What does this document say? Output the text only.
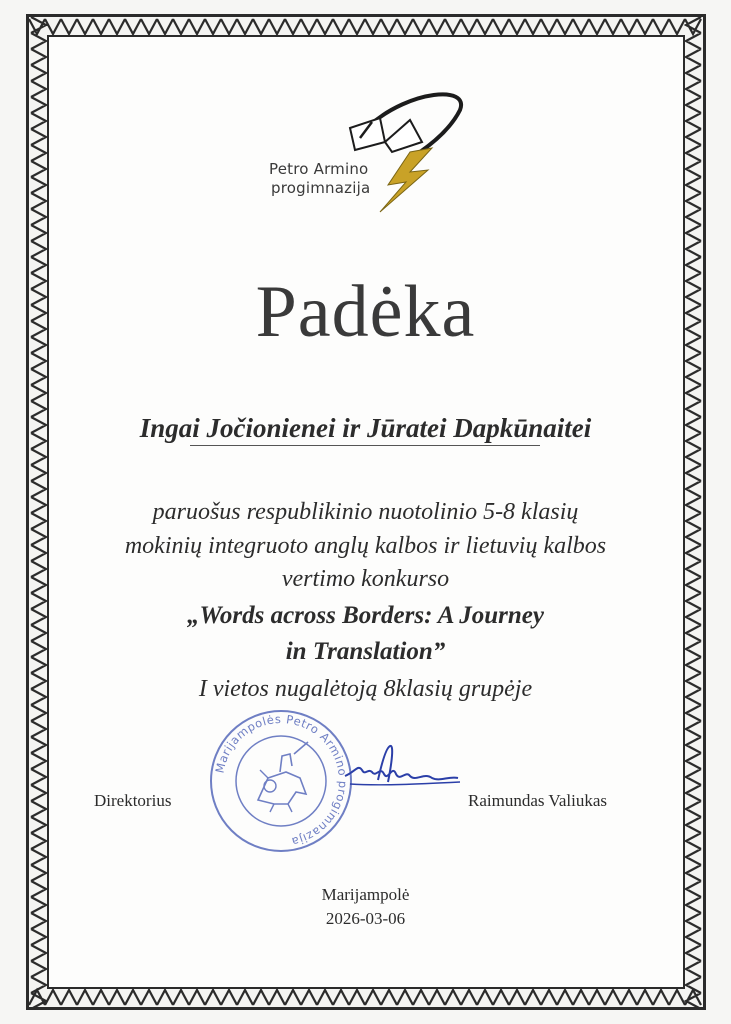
Petro Armino
progimnazija
Padėka
Ingai Jočionienei ir Jūratei Dapkūnaitei
paruošus respublikinio nuotolinio 5-8 klasių
mokinių integruoto anglų kalbos ir lietuvių kalbos
vertimo konkurso
„Words across Borders: A Journey
in Translation”
I vietos nugalėtoją 8klasių grupėje
Marijampolės Petro Armino progimnazija
Direktorius	Raimundas Valiukas
Marijampolė
2026-03-06
